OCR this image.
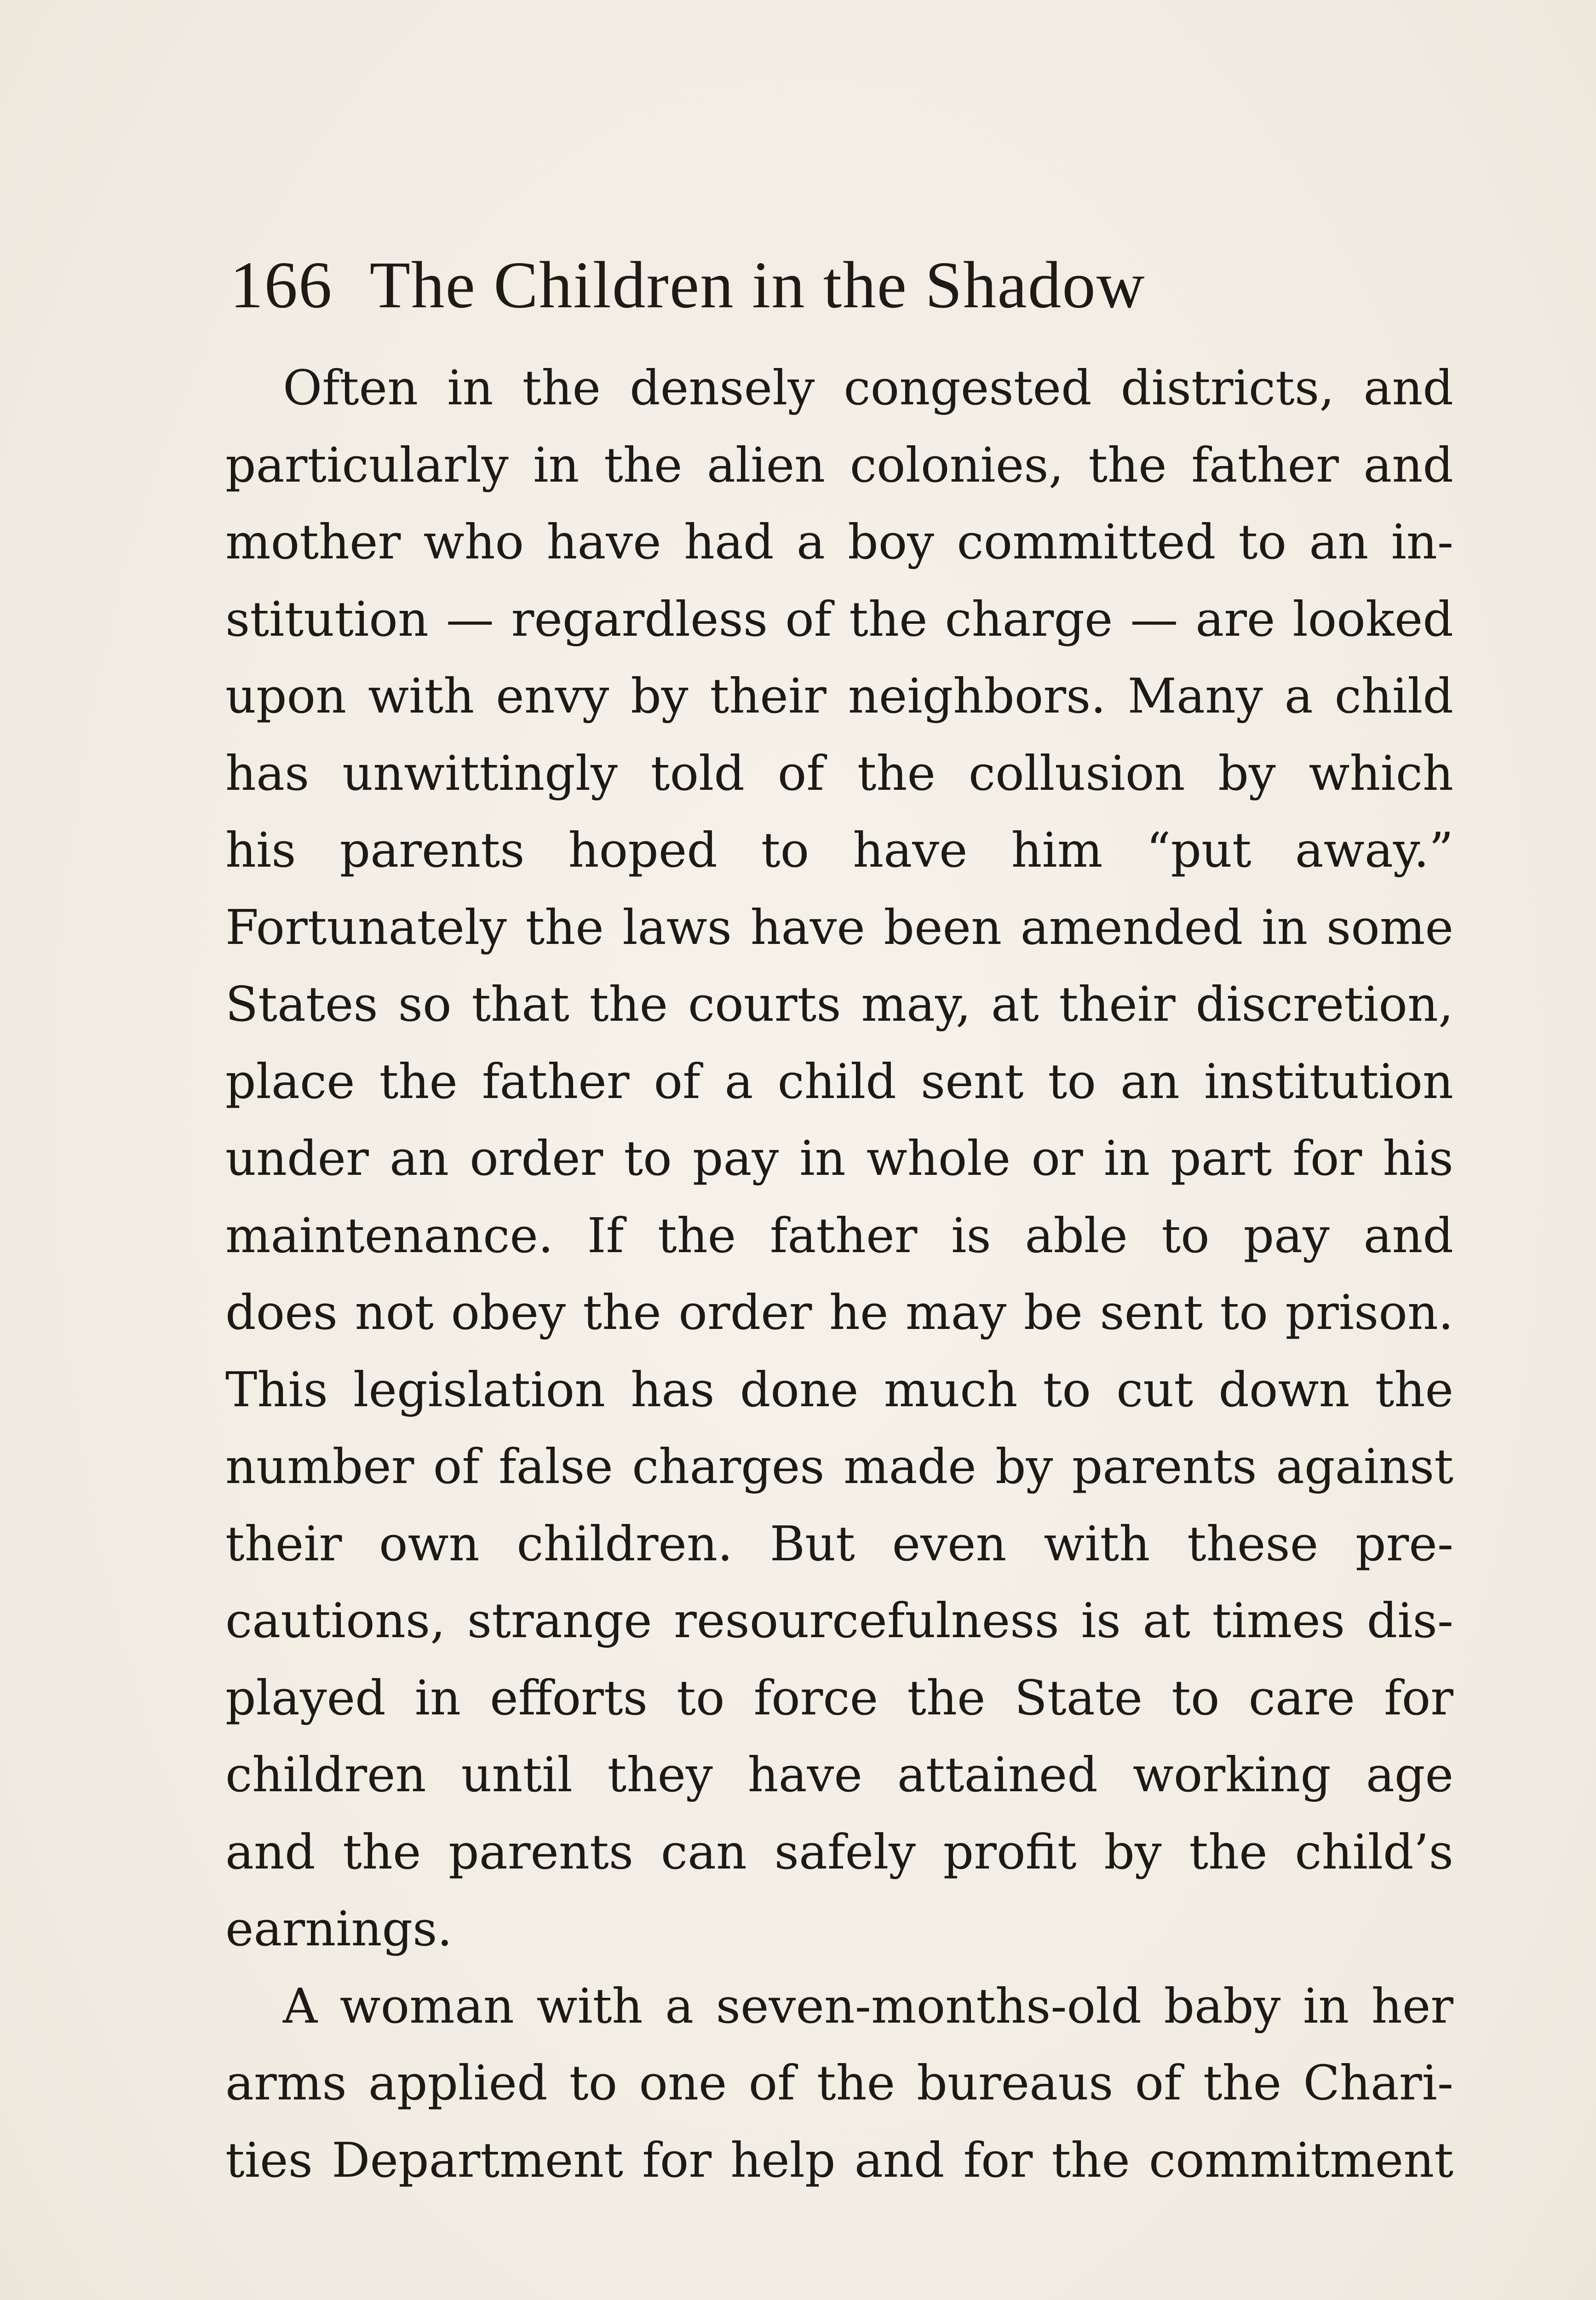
166 The Children in the Shadow
Often in the densely congested districts, and
particularly in the alien colonies, the father and
mother who have had a boy committed to an in-
stitution — regardless of the charge — are looked
upon with envy by their neighbors. Many a child
has unwittingly told of the collusion by which
his parents hoped to have him “put away.”
Fortunately the laws have been amended in some
States so that the courts may, at their discretion,
place the father of a child sent to an institution
under an order to pay in whole or in part for his
maintenance. If the father is able to pay and
does not obey the order he may be sent to prison.
This legislation has done much to cut down the
number of false charges made by parents against
their own children. But even with these pre-
cautions, strange resourcefulness is at times dis-
played in efforts to force the State to care for
children until they have attained working age
and the parents can safely profit by the child’s
earnings.
A woman with a seven-months-old baby in her
arms applied to one of the bureaus of the Chari-
ties Department for help and for the commitment
